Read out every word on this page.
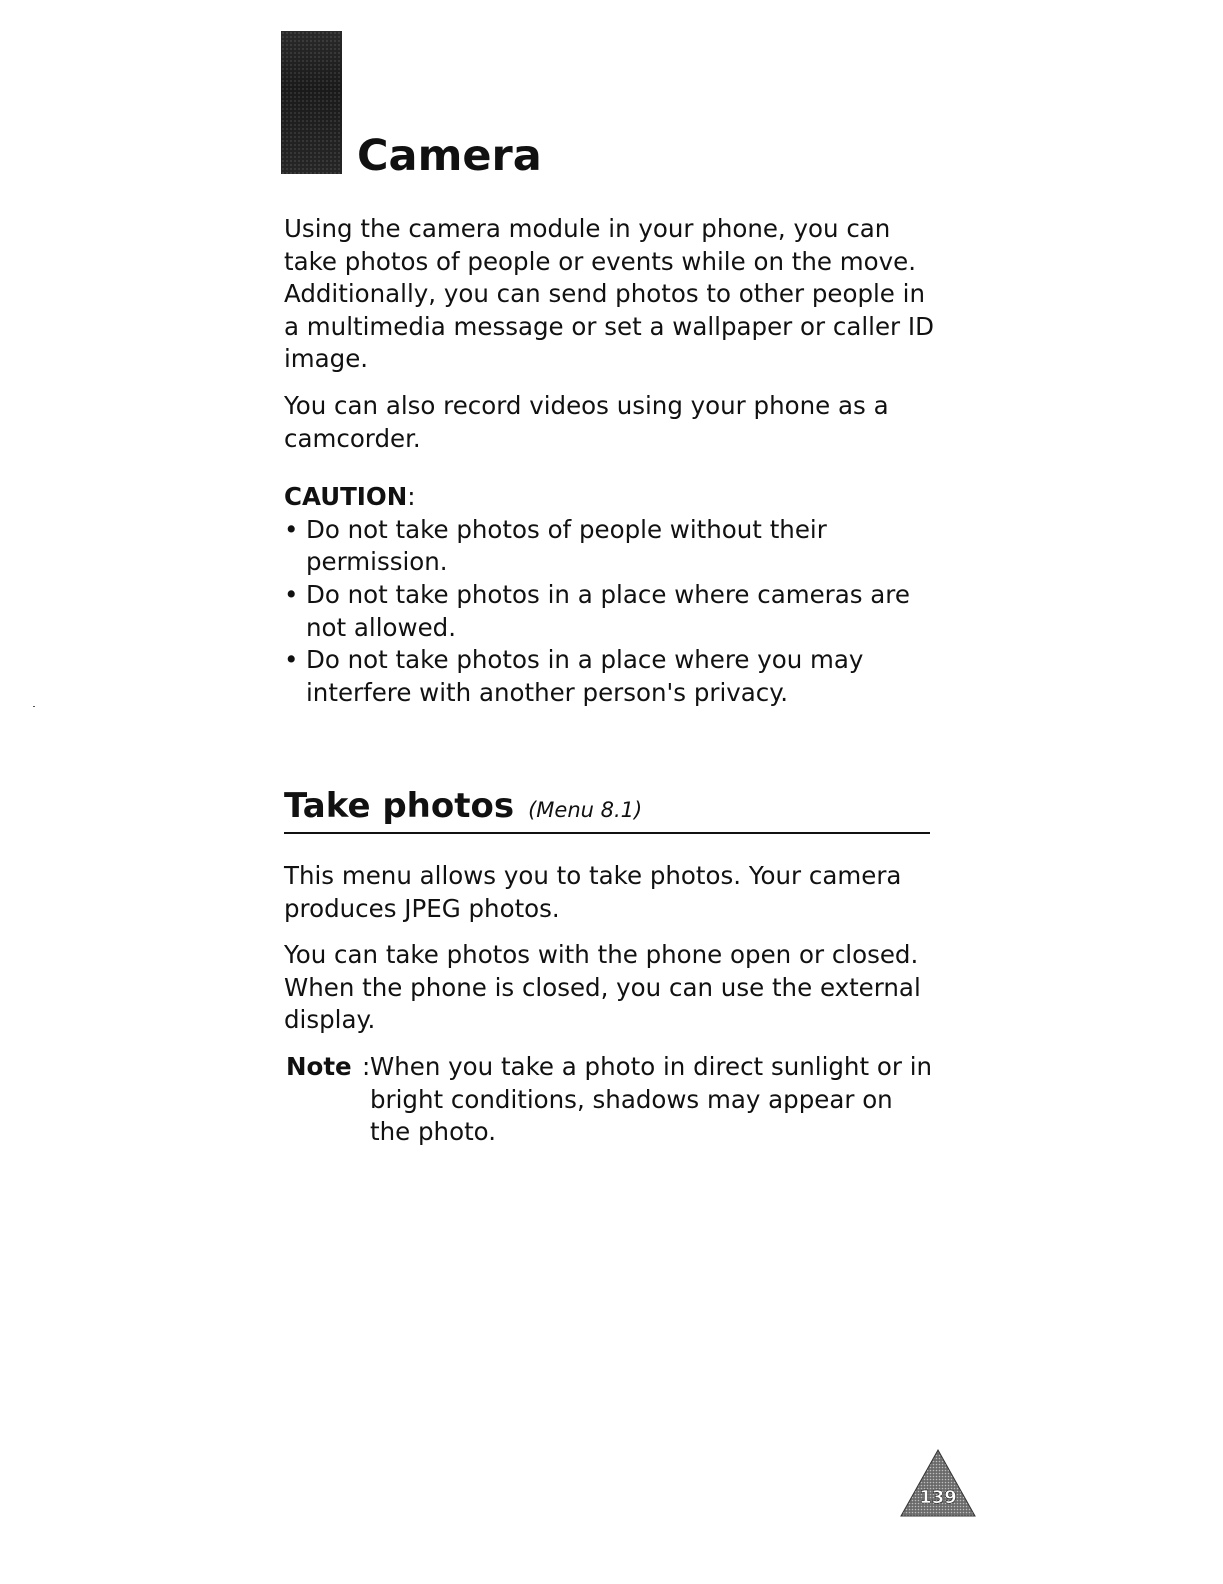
Camera

Using the camera module in your phone, you can take photos of people or events while on the move. Additionally, you can send photos to other people in a multimedia message or set a wallpaper or caller ID image.

You can also record videos using your phone as a camcorder.

CAUTION:

• Do not take photos of people without their permission.
• Do not take photos in a place where cameras are not allowed.
• Do not take photos in a place where you may interfere with another person's privacy.
Take photos (Menu 8.1)

This menu allows you to take photos. Your camera produces JPEG photos.

You can take photos with the phone open or closed. When the phone is closed, you can use the external display.

Note : When you take a photo in direct sunlight or in bright conditions, shadows may appear on the photo.
139
